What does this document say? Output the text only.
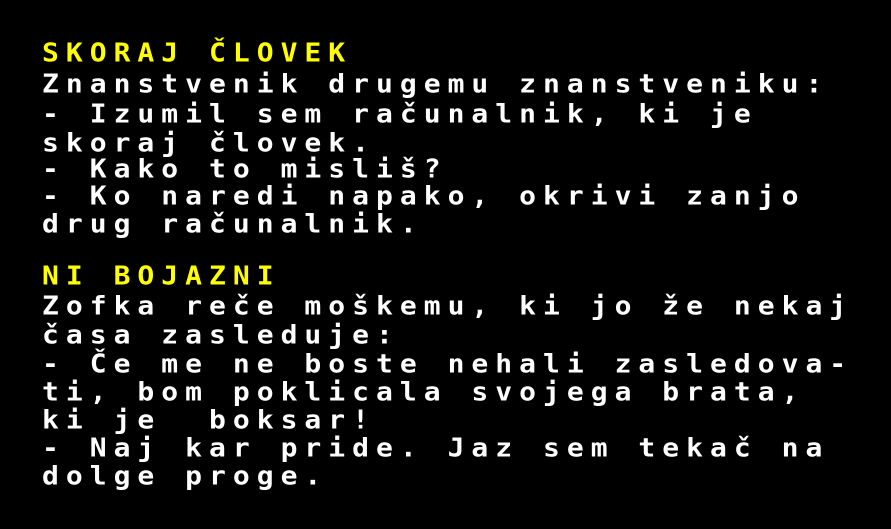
SKORAJ ČLOVEK
Znanstvenik drugemu znanstveniku:
- Izumil sem računalnik, ki je
skoraj človek.
- Kako to misliš?
- Ko naredi napako, okrivi zanjo
drug računalnik.
NI BOJAZNI
Zofka reče moškemu, ki jo že nekaj
časa zasleduje:
- Če me ne boste nehali zasledova-
ti, bom poklicala svojega brata,
ki je  boksar!
- Naj kar pride. Jaz sem tekač na
dolge proge.
